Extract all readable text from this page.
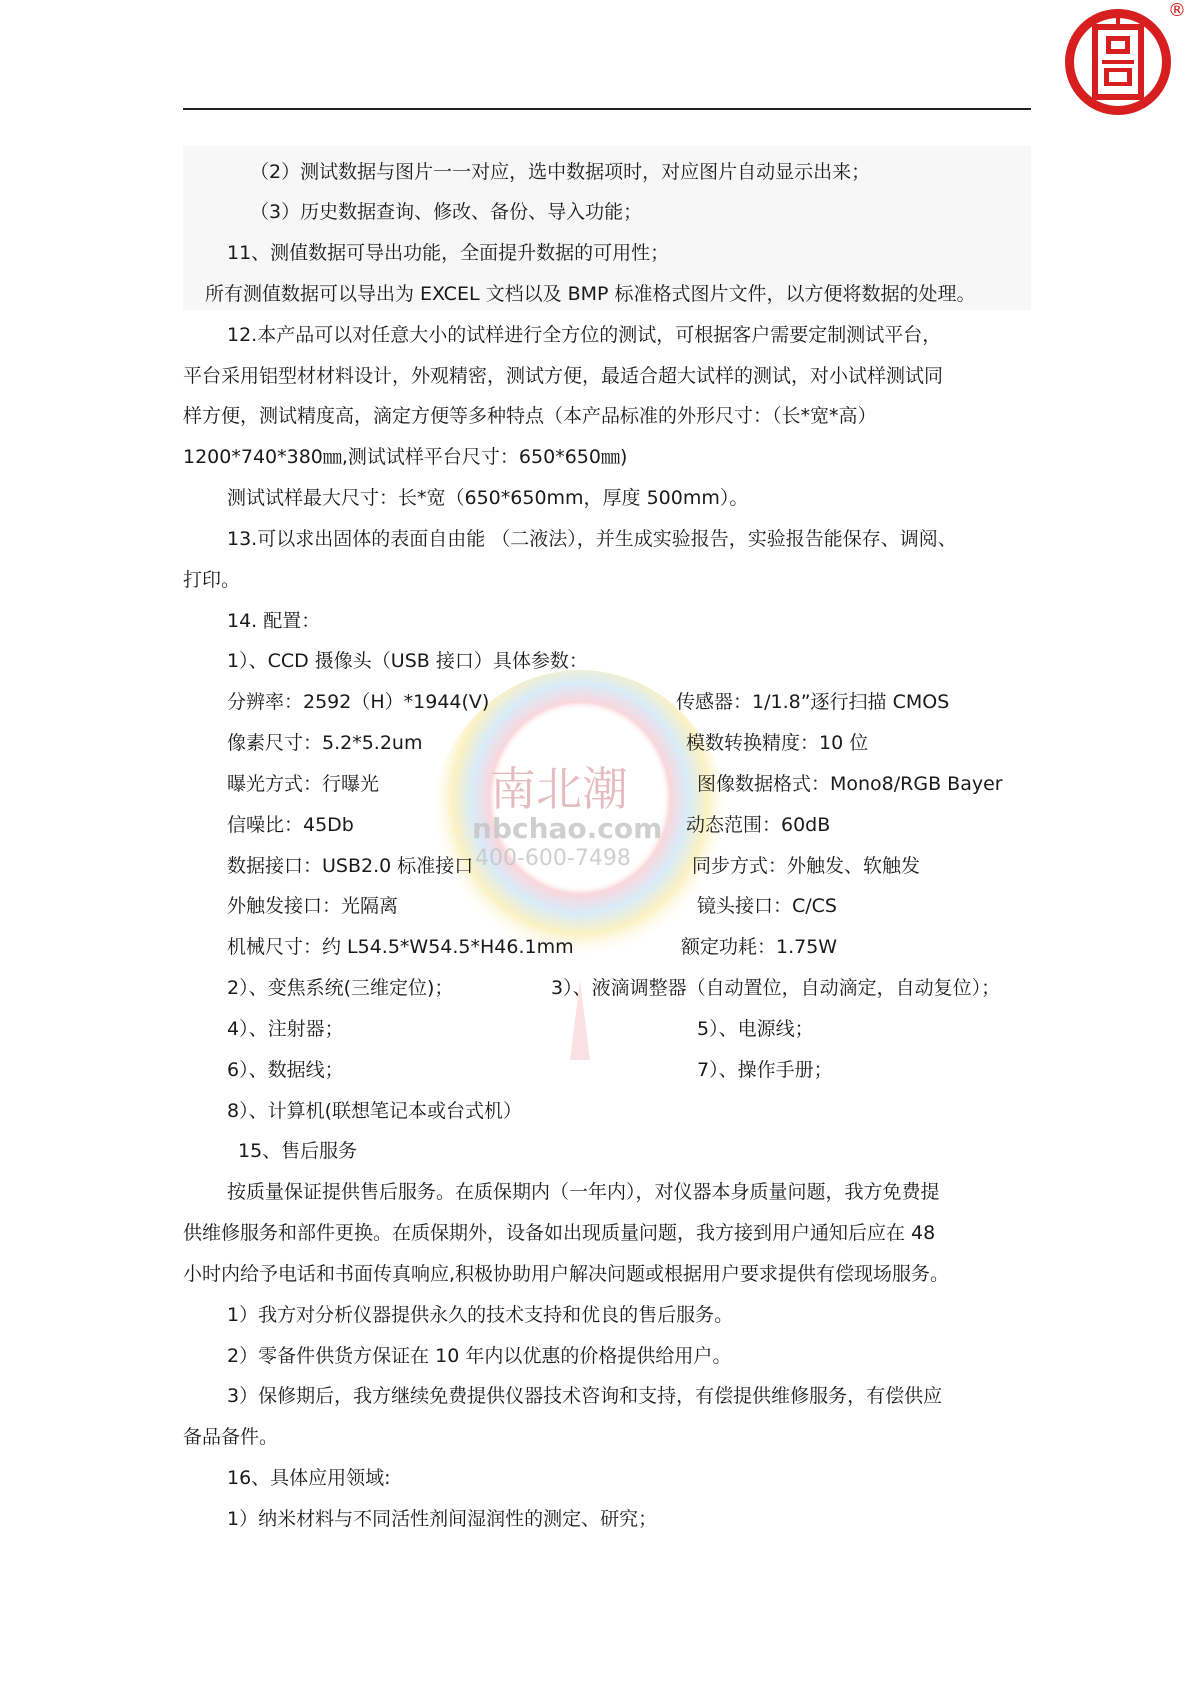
®
南北潮
nbchao.com
400-600-7498
（2）测试数据与图片一一对应，选中数据项时，对应图片自动显示出来；
（3）历史数据查询、修改、备份、导入功能；
11、测值数据可导出功能，全面提升数据的可用性；
所有测值数据可以导出为 EXCEL 文档以及 BMP 标准格式图片文件，以方便将数据的处理。
12.本产品可以对任意大小的试样进行全方位的测试，可根据客户需要定制测试平台，
平台采用铝型材材料设计，外观精密，测试方便，最适合超大试样的测试，对小试样测试同
样方便，测试精度高，滴定方便等多种特点（本产品标准的外形尺寸：（长*宽*高）
1200*740*380㎜,测试试样平台尺寸：650*650㎜)
测试试样最大尺寸：长*宽（650*650mm，厚度 500mm）。
13.可以求出固体的表面自由能 （二液法），并生成实验报告，实验报告能保存、调阅、
打印。
14. 配置：
1）、CCD 摄像头（USB 接口）具体参数：
分辨率：2592（H）*1944(V)	传感器：1/1.8”逐行扫描 CMOS
像素尺寸：5.2*5.2um	模数转换精度：10 位
曝光方式：行曝光	图像数据格式：Mono8/RGB Bayer
信噪比：45Db	动态范围：60dB
数据接口：USB2.0 标准接口	同步方式：外触发、软触发
外触发接口：光隔离	镜头接口：C/CS
机械尺寸：约 L54.5*W54.5*H46.1mm	额定功耗：1.75W
2）、变焦系统(三维定位)；	3）、液滴调整器（自动置位，自动滴定，自动复位）；
4）、注射器；	5）、电源线；
6）、数据线；	7）、操作手册；
8）、计算机(联想笔记本或台式机）
15、售后服务
按质量保证提供售后服务。在质保期内（一年内），对仪器本身质量问题，我方免费提
供维修服务和部件更换。在质保期外，设备如出现质量问题，我方接到用户通知后应在 48
小时内给予电话和书面传真响应,积极协助用户解决问题或根据用户要求提供有偿现场服务。
1）我方对分析仪器提供永久的技术支持和优良的售后服务。
2）零备件供货方保证在 10 年内以优惠的价格提供给用户。
3）保修期后，我方继续免费提供仪器技术咨询和支持，有偿提供维修服务，有偿供应
备品备件。
16、具体应用领域:
1）纳米材料与不同活性剂间湿润性的测定、研究；
